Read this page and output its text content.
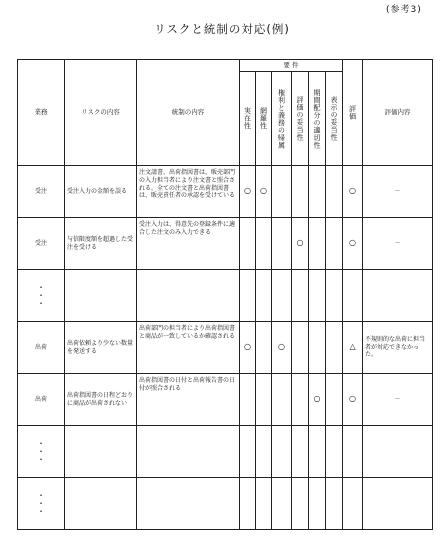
(参考3)
リスクと統制の対応(例)
業務	リスクの内容	統制の内容	要 件						評価	評価内容

			実在性	網羅性	権利と義務の帰属	評価の妥当性	期間配分の適切性	表示の妥当性		

受注	受注入力の金額を誤る	注文請書、出荷指図書は、販売部門の入力担当者により注文書と照合される。全ての注文書と出荷指図書は、販売責任者の承認を受けている	○	○					○	－
受注	与信限度額を超過した受注を受ける	受注入力は、得意先の登録条件に適合した注文のみ入力できる				○			○	－
・
・
・										
出荷	出荷依頼より少ない数量を発送する	出荷部門の担当者により出荷指図書と商品が一致しているか確認される	○		○				△	不規則的な出荷に担当者が対応できなかった。
出荷	出荷指図書の日程どおりに商品が出荷されない	出荷指図書の日付と出荷報告書の日付が照合される					○		○	－
・
・
・										
・
・
・										
